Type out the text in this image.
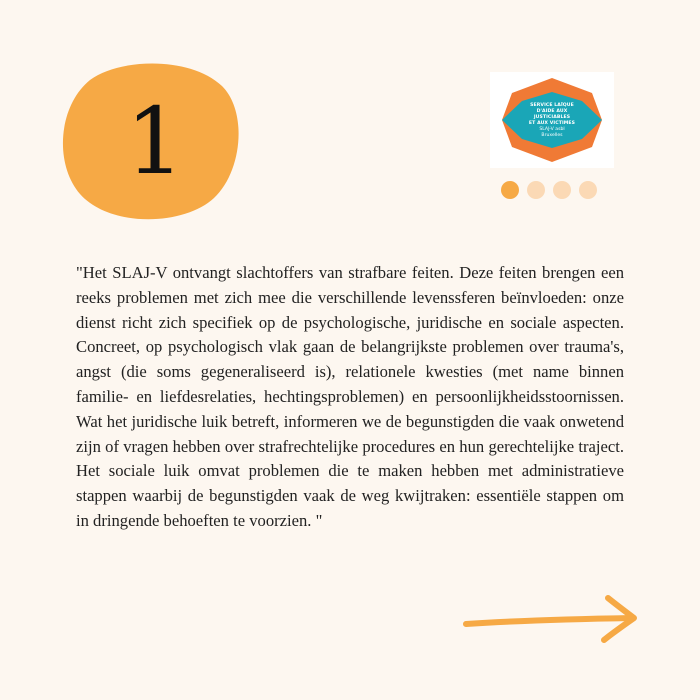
1	SERVICE LAÏQUE
D'AIDE AUX
JUSTICIABLES
ET AUX VICTIMES
SLAJ-V asbl
Bruxelles

"Het SLAJ-V ontvangt slachtoffers van strafbare feiten. Deze feiten brengen een reeks problemen met zich mee die verschillende levenssferen beïnvloeden: onze dienst richt zich specifiek op de psychologische, juridische en sociale aspecten. Concreet, op psychologisch vlak gaan de belangrijkste problemen over trauma's, angst (die soms gegeneraliseerd is), relationele kwesties (met name binnen familie- en liefdesrelaties, hechtingsproblemen) en persoonlijkheidsstoornissen. Wat het juridische luik betreft, informeren we de begunstigden die vaak onwetend zijn of vragen hebben over strafrechtelijke procedures en hun gerechtelijke traject. Het sociale luik omvat problemen die te maken hebben met administratieve stappen waarbij de begunstigden vaak de weg kwijtraken: essentiële stappen om in dringende behoeften te voorzien. "
